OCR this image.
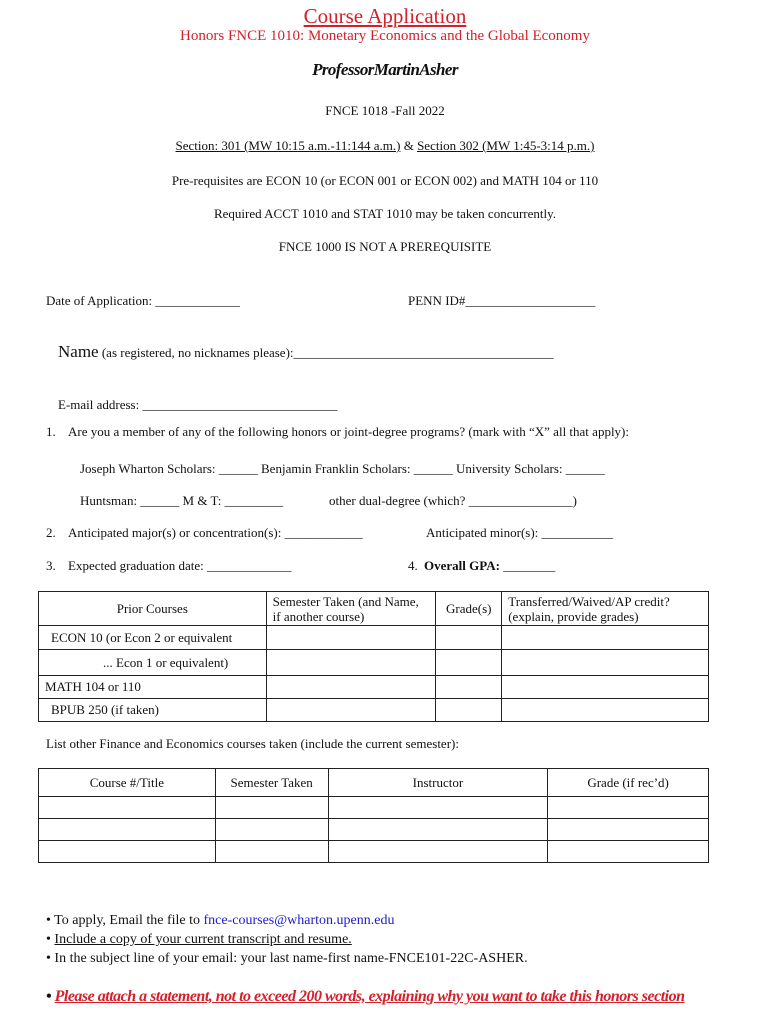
Course Application
Honors FNCE 1010: Monetary Economics and the Global Economy
ProfessorMartinAsher
FNCE 1018 -Fall 2022
Section: 301 (MW 10:15 a.m.-11:144 a.m.) & Section 302 (MW 1:45-3:14 p.m.)
Pre-requisites are ECON 10 (or ECON 001 or ECON 002) and MATH 104 or 110
Required ACCT 1010 and STAT 1010 may be taken concurrently.
FNCE 1000 IS NOT A PREREQUISITE
Date of Application: _____________	PENN ID#____________________
Name (as registered, no nicknames please):________________________________________
E-mail address: ______________________________
1. Are you a member of any of the following honors or joint-degree programs? (mark with “X” all that apply):
Joseph Wharton Scholars: ______ Benjamin Franklin Scholars: ______ University Scholars: ______
Huntsman: ______ M & T: _________	other dual-degree (which? ________________)
2. Anticipated major(s) or concentration(s): ____________	Anticipated minor(s): ___________
3. Expected graduation date: _____________	4. Overall GPA: ________
Prior Courses	Semester Taken (and Name, if another course)	Grade(s)	Transferred/Waived/AP credit? (explain, provide grades)
ECON 10 (or Econ 2 or equivalent			
... Econ 1 or equivalent)			
MATH 104 or 110			
BPUB 250 (if taken)			
List other Finance and Economics courses taken (include the current semester):
Course #/Title	Semester Taken	Instructor	Grade (if rec’d)

• To apply, Email the file to fnce-courses@wharton.upenn.edu
• Include a copy of your current transcript and resume.
• In the subject line of your email: your last name-first name-FNCE101-22C-ASHER.
• Please attach a statement, not to exceed 200 words, explaining why you want to take this honors section
